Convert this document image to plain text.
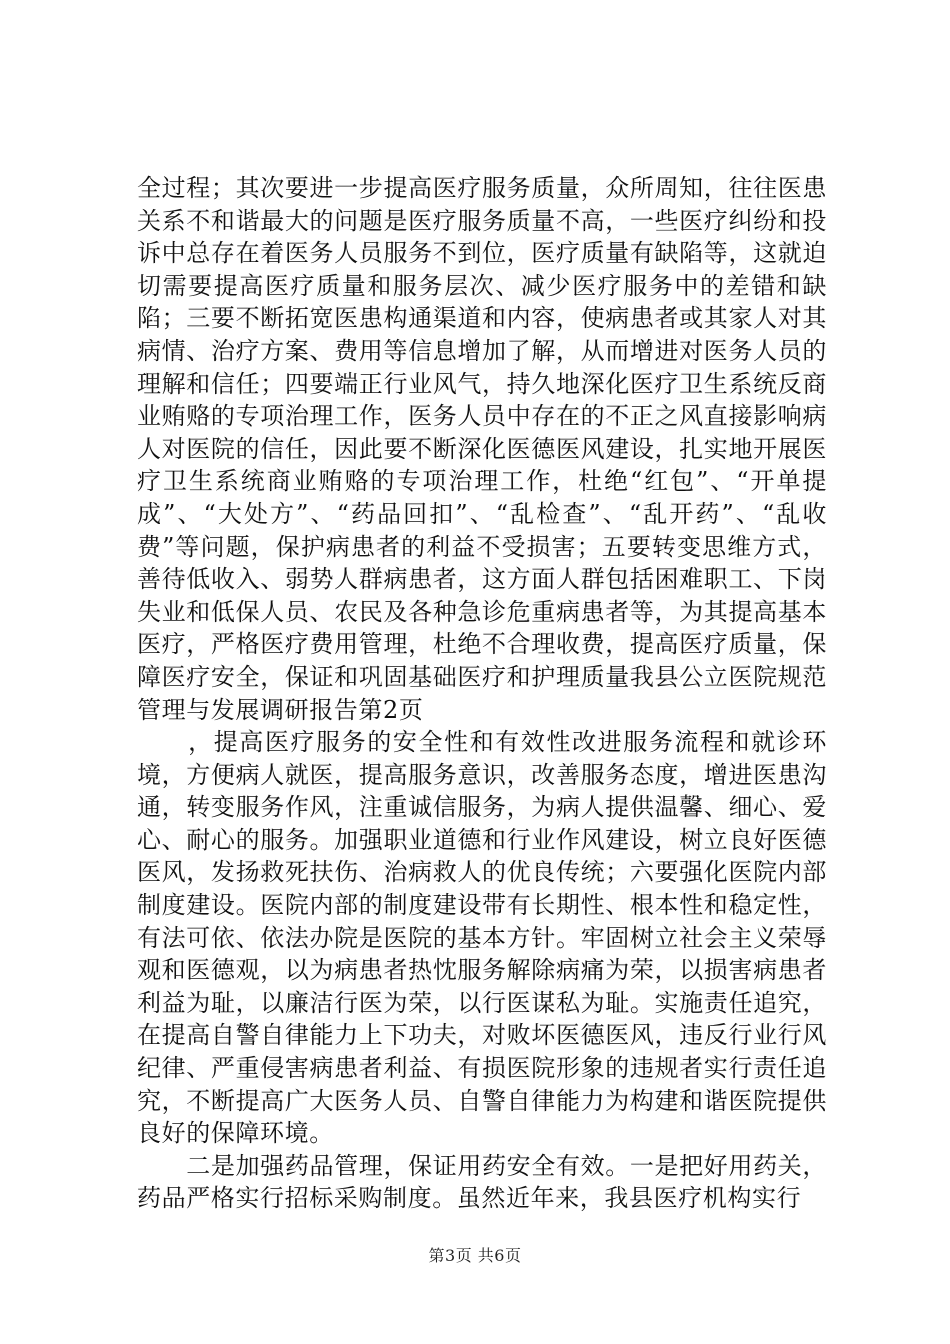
全过程；其次要进一步提高医疗服务质量，众所周知，往往医患关系不和谐最大的问题是医疗服务质量不高，一些医疗纠纷和投诉中总存在着医务人员服务不到位，医疗质量有缺陷等，这就迫切需要提高医疗质量和服务层次、减少医疗服务中的差错和缺陷；三要不断拓宽医患构通渠道和内容，使病患者或其家人对其病情、治疗方案、费用等信息增加了解，从而增进对医务人员的理解和信任；四要端正行业风气，持久地深化医疗卫生系统反商业贿赂的专项治理工作，医务人员中存在的不正之风直接影响病人对医院的信任，因此要不断深化医德医风建设，扎实地开展医疗卫生系统商业贿赂的专项治理工作，杜绝“红包”、“开单提成”、“大处方”、“药品回扣”、“乱检查”、“乱开药”、“乱收费”等问题，保护病患者的利益不受损害；五要转变思维方式，善待低收入、弱势人群病患者，这方面人群包括困难职工、下岗失业和低保人员、农民及各种急诊危重病患者等，为其提高基本医疗，严格医疗费用管理，杜绝不合理收费，提高医疗质量，保障医疗安全，保证和巩固基础医疗和护理质量我县公立医院规范管理与发展调研报告第2页

　　，提高医疗服务的安全性和有效性改进服务流程和就诊环境，方便病人就医，提高服务意识，改善服务态度，增进医患沟通，转变服务作风，注重诚信服务，为病人提供温馨、细心、爱心、耐心的服务。加强职业道德和行业作风建设，树立良好医德医风，发扬救死扶伤、治病救人的优良传统；六要强化医院内部制度建设。医院内部的制度建设带有长期性、根本性和稳定性，有法可依、依法办院是医院的基本方针。牢固树立社会主义荣辱观和医德观，以为病患者热忱服务解除病痛为荣，以损害病患者利益为耻，以廉洁行医为荣，以行医谋私为耻。实施责任追究，在提高自警自律能力上下功夫，对败坏医德医风，违反行业行风纪律、严重侵害病患者利益、有损医院形象的违规者实行责任追究，不断提高广大医务人员、自警自律能力为构建和谐医院提供良好的保障环境。

　　二是加强药品管理，保证用药安全有效。一是把好用药关，药品严格实行招标采购制度。虽然近年来，我县医疗机构实行

第3页 共6页
